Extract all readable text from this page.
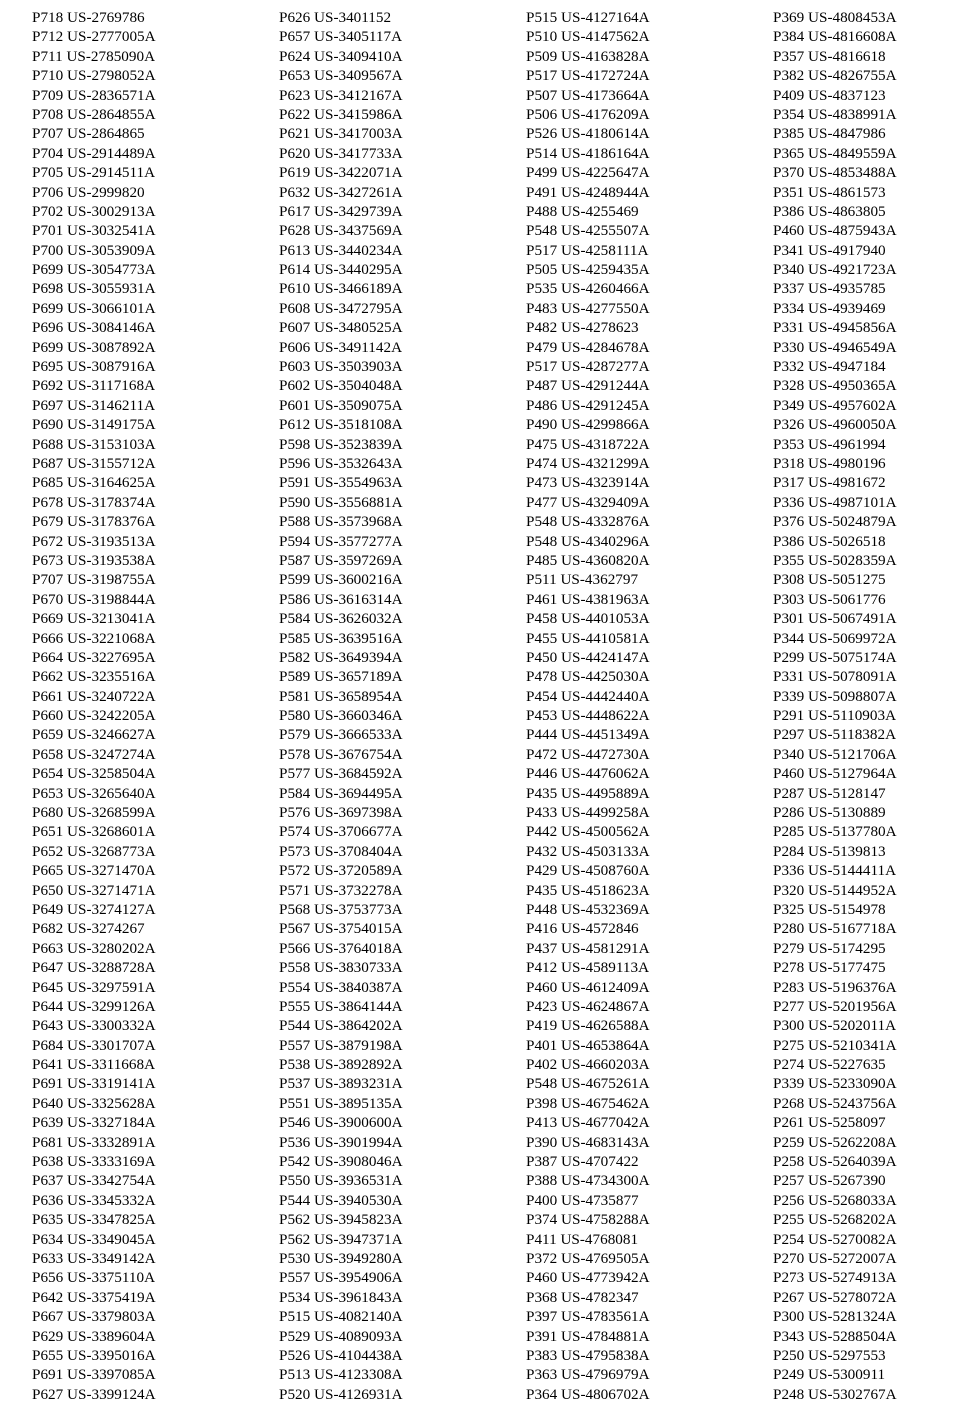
P718 US-2769786
P712 US-2777005A
P711 US-2785090A
P710 US-2798052A
P709 US-2836571A
P708 US-2864855A
P707 US-2864865
P704 US-2914489A
P705 US-2914511A
P706 US-2999820
P702 US-3002913A
P701 US-3032541A
P700 US-3053909A
P699 US-3054773A
P698 US-3055931A
P699 US-3066101A
P696 US-3084146A
P699 US-3087892A
P695 US-3087916A
P692 US-3117168A
P697 US-3146211A
P690 US-3149175A
P688 US-3153103A
P687 US-3155712A
P685 US-3164625A
P678 US-3178374A
P679 US-3178376A
P672 US-3193513A
P673 US-3193538A
P707 US-3198755A
P670 US-3198844A
P669 US-3213041A
P666 US-3221068A
P664 US-3227695A
P662 US-3235516A
P661 US-3240722A
P660 US-3242205A
P659 US-3246627A
P658 US-3247274A
P654 US-3258504A
P653 US-3265640A
P680 US-3268599A
P651 US-3268601A
P652 US-3268773A
P665 US-3271470A
P650 US-3271471A
P649 US-3274127A
P682 US-3274267
P663 US-3280202A
P647 US-3288728A
P645 US-3297591A
P644 US-3299126A
P643 US-3300332A
P684 US-3301707A
P641 US-3311668A
P691 US-3319141A
P640 US-3325628A
P639 US-3327184A
P681 US-3332891A
P638 US-3333169A
P637 US-3342754A
P636 US-3345332A
P635 US-3347825A
P634 US-3349045A
P633 US-3349142A
P656 US-3375110A
P642 US-3375419A
P667 US-3379803A
P629 US-3389604A
P655 US-3395016A
P691 US-3397085A
P627 US-3399124A
P626 US-3401152
P657 US-3405117A
P624 US-3409410A
P653 US-3409567A
P623 US-3412167A
P622 US-3415986A
P621 US-3417003A
P620 US-3417733A
P619 US-3422071A
P632 US-3427261A
P617 US-3429739A
P628 US-3437569A
P613 US-3440234A
P614 US-3440295A
P610 US-3466189A
P608 US-3472795A
P607 US-3480525A
P606 US-3491142A
P603 US-3503903A
P602 US-3504048A
P601 US-3509075A
P612 US-3518108A
P598 US-3523839A
P596 US-3532643A
P591 US-3554963A
P590 US-3556881A
P588 US-3573968A
P594 US-3577277A
P587 US-3597269A
P599 US-3600216A
P586 US-3616314A
P584 US-3626032A
P585 US-3639516A
P582 US-3649394A
P589 US-3657189A
P581 US-3658954A
P580 US-3660346A
P579 US-3666533A
P578 US-3676754A
P577 US-3684592A
P584 US-3694495A
P576 US-3697398A
P574 US-3706677A
P573 US-3708404A
P572 US-3720589A
P571 US-3732278A
P568 US-3753773A
P567 US-3754015A
P566 US-3764018A
P558 US-3830733A
P554 US-3840387A
P555 US-3864144A
P544 US-3864202A
P557 US-3879198A
P538 US-3892892A
P537 US-3893231A
P551 US-3895135A
P546 US-3900600A
P536 US-3901994A
P542 US-3908046A
P550 US-3936531A
P544 US-3940530A
P562 US-3945823A
P562 US-3947371A
P530 US-3949280A
P557 US-3954906A
P534 US-3961843A
P515 US-4082140A
P529 US-4089093A
P526 US-4104438A
P513 US-4123308A
P520 US-4126931A
P515 US-4127164A
P510 US-4147562A
P509 US-4163828A
P517 US-4172724A
P507 US-4173664A
P506 US-4176209A
P526 US-4180614A
P514 US-4186164A
P499 US-4225647A
P491 US-4248944A
P488 US-4255469
P548 US-4255507A
P517 US-4258111A
P505 US-4259435A
P535 US-4260466A
P483 US-4277550A
P482 US-4278623
P479 US-4284678A
P517 US-4287277A
P487 US-4291244A
P486 US-4291245A
P490 US-4299866A
P475 US-4318722A
P474 US-4321299A
P473 US-4323914A
P477 US-4329409A
P548 US-4332876A
P548 US-4340296A
P485 US-4360820A
P511 US-4362797
P461 US-4381963A
P458 US-4401053A
P455 US-4410581A
P450 US-4424147A
P478 US-4425030A
P454 US-4442440A
P453 US-4448622A
P444 US-4451349A
P472 US-4472730A
P446 US-4476062A
P435 US-4495889A
P433 US-4499258A
P442 US-4500562A
P432 US-4503133A
P429 US-4508760A
P435 US-4518623A
P448 US-4532369A
P416 US-4572846
P437 US-4581291A
P412 US-4589113A
P460 US-4612409A
P423 US-4624867A
P419 US-4626588A
P401 US-4653864A
P402 US-4660203A
P548 US-4675261A
P398 US-4675462A
P413 US-4677042A
P390 US-4683143A
P387 US-4707422
P388 US-4734300A
P400 US-4735877
P374 US-4758288A
P411 US-4768081
P372 US-4769505A
P460 US-4773942A
P368 US-4782347
P397 US-4783561A
P391 US-4784881A
P383 US-4795838A
P363 US-4796979A
P364 US-4806702A
P369 US-4808453A
P384 US-4816608A
P357 US-4816618
P382 US-4826755A
P409 US-4837123
P354 US-4838991A
P385 US-4847986
P365 US-4849559A
P370 US-4853488A
P351 US-4861573
P386 US-4863805
P460 US-4875943A
P341 US-4917940
P340 US-4921723A
P337 US-4935785
P334 US-4939469
P331 US-4945856A
P330 US-4946549A
P332 US-4947184
P328 US-4950365A
P349 US-4957602A
P326 US-4960050A
P353 US-4961994
P318 US-4980196
P317 US-4981672
P336 US-4987101A
P376 US-5024879A
P386 US-5026518
P355 US-5028359A
P308 US-5051275
P303 US-5061776
P301 US-5067491A
P344 US-5069972A
P299 US-5075174A
P331 US-5078091A
P339 US-5098807A
P291 US-5110903A
P297 US-5118382A
P340 US-5121706A
P460 US-5127964A
P287 US-5128147
P286 US-5130889
P285 US-5137780A
P284 US-5139813
P336 US-5144411A
P320 US-5144952A
P325 US-5154978
P280 US-5167718A
P279 US-5174295
P278 US-5177475
P283 US-5196376A
P277 US-5201956A
P300 US-5202011A
P275 US-5210341A
P274 US-5227635
P339 US-5233090A
P268 US-5243756A
P261 US-5258097
P259 US-5262208A
P258 US-5264039A
P257 US-5267390
P256 US-5268033A
P255 US-5268202A
P254 US-5270082A
P270 US-5272007A
P273 US-5274913A
P267 US-5278072A
P300 US-5281324A
P343 US-5288504A
P250 US-5297553
P249 US-5300911
P248 US-5302767A
